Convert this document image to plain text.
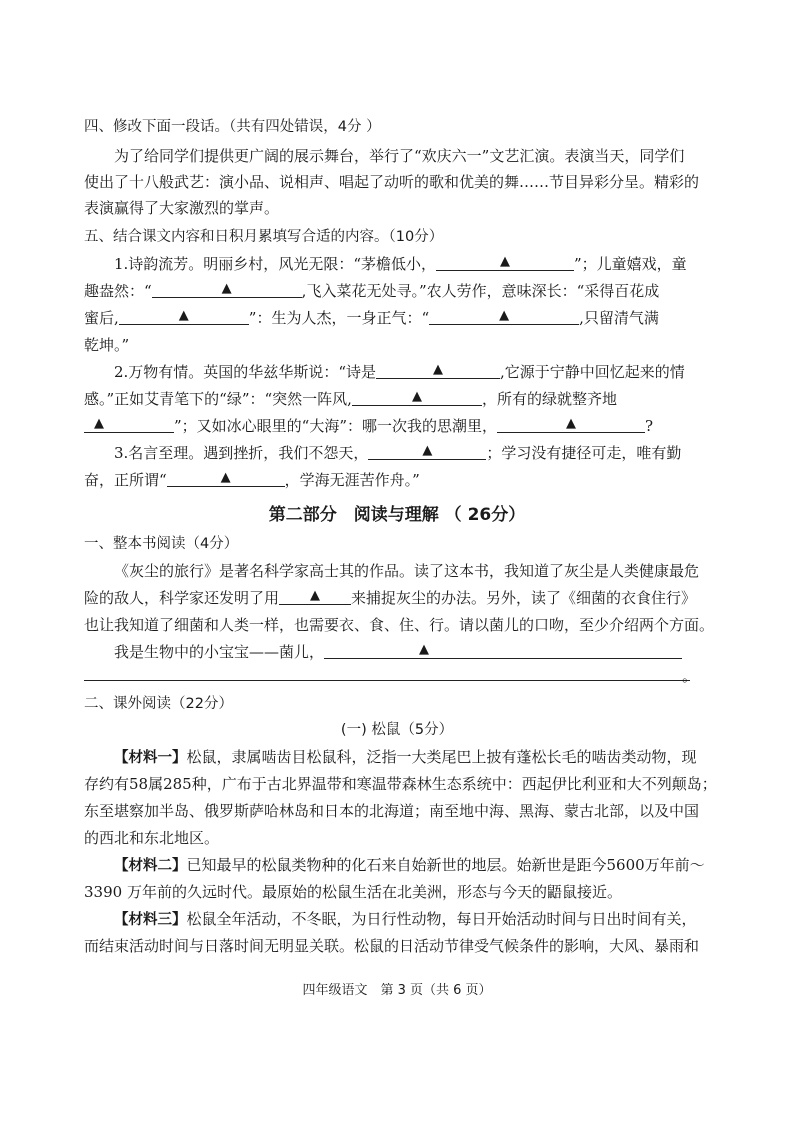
四、修改下面一段话。（共有四处错误，4分 ）
为了给同学们提供更广阔的展示舞台，举行了“欢庆六一”文艺汇演。表演当天，同学们
使出了十八般武艺：演小品、说相声、唱起了动听的歌和优美的舞……节目异彩分呈。精彩的
表演赢得了大家激烈的掌声。
五、结合课文内容和日积月累填写合适的内容。（10分）
1.诗韵流芳。明丽乡村，风光无限：“茅檐低小，	▲	”；儿童嬉戏，童
趣盎然：“	▲	,飞入菜花无处寻。”农人劳作，意味深长：“采得百花成
蜜后,	▲	”：生为人杰，一身正气：“	▲	,只留清气满
乾坤。”
2.万物有情。英国的华兹华斯说：“诗是	▲	,它源于宁静中回忆起来的情
感。”正如艾青笔下的“绿”：“突然一阵风,	▲	，所有的绿就整齐地
▲	”；又如冰心眼里的“大海”：哪一次我的思潮里，	▲	?
3.名言至理。遇到挫折，我们不怨天，	▲	；学习没有捷径可走，唯有勤
奋，正所谓“	▲	，学海无涯苦作舟。”
第二部分　阅读与理解 （ 26分）
一、整本书阅读（4分）
《灰尘的旅行》是著名科学家高士其的作品。读了这本书，我知道了灰尘是人类健康最危
险的敌人，科学家还发明了用 ▲ 来捕捉灰尘的办法。另外，读了《细菌的衣食住行》
也让我知道了细菌和人类一样，也需要衣、食、住、行。请以菌儿的口吻，至少介绍两个方面。
我是生物中的小宝宝——菌儿，	▲
。
二、课外阅读（22分）
(一) 松鼠（5分）
【材料一】松鼠，隶属啮齿目松鼠科，泛指一大类尾巴上披有蓬松长毛的啮齿类动物，现
存约有58属285种，广布于古北界温带和寒温带森林生态系统中：西起伊比利亚和大不列颠岛；
东至堪察加半岛、俄罗斯萨哈林岛和日本的北海道；南至地中海、黑海、蒙古北部，以及中国
的西北和东北地区。
【材料二】已知最早的松鼠类物种的化石来自始新世的地层。始新世是距今5600万年前～
3390 万年前的久远时代。最原始的松鼠生活在北美洲，形态与今天的鼯鼠接近。
【材料三】松鼠全年活动，不冬眠，为日行性动物，每日开始活动时间与日出时间有关，
而结束活动时间与日落时间无明显关联。松鼠的日活动节律受气候条件的影响，大风、暴雨和
四年级语文　第 3 页（共 6 页）
